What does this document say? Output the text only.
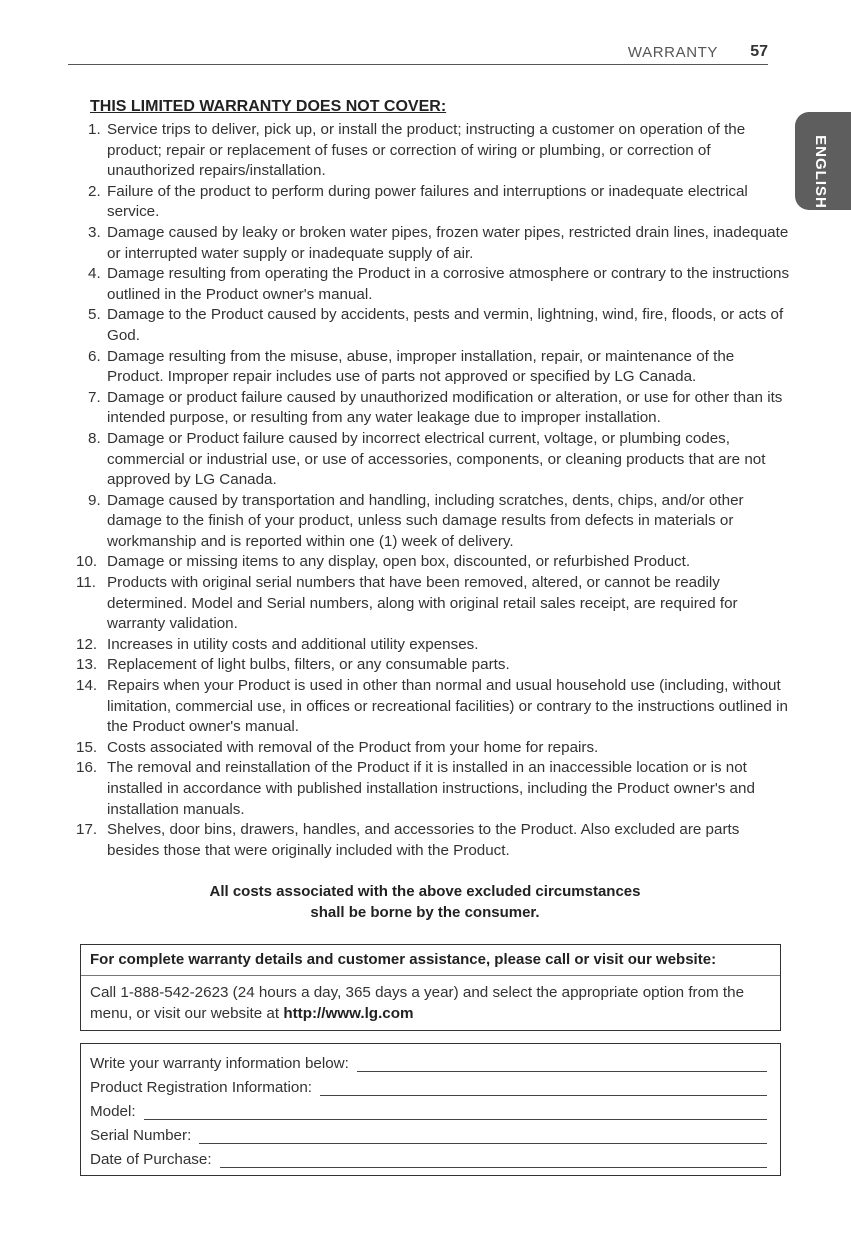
WARRANTY 57
ENGLISH
THIS LIMITED WARRANTY DOES NOT COVER:
1. Service trips to deliver, pick up, or install the product; instructing a customer on operation of the product; repair or replacement of fuses or correction of wiring or plumbing, or correction of unauthorized repairs/installation.
2. Failure of the product to perform during power failures and interruptions or inadequate electrical service.
3. Damage caused by leaky or broken water pipes, frozen water pipes, restricted drain lines, inadequate or interrupted water supply or inadequate supply of air.
4. Damage resulting from operating the Product in a corrosive atmosphere or contrary to the instructions outlined in the Product owner's manual.
5. Damage to the Product caused by accidents, pests and vermin, lightning, wind, fire, floods, or acts of God.
6. Damage resulting from the misuse, abuse, improper installation, repair, or maintenance of the Product. Improper repair includes use of parts not approved or specified by LG Canada.
7. Damage or product failure caused by unauthorized modification or alteration, or use for other than its intended purpose, or resulting from any water leakage due to improper installation.
8. Damage or Product failure caused by incorrect electrical current, voltage, or plumbing codes, commercial or industrial use, or use of accessories, components, or cleaning products that are not approved by LG Canada.
9. Damage caused by transportation and handling, including scratches, dents, chips, and/or other damage to the finish of your product, unless such damage results from defects in materials or workmanship and is reported within one (1) week of delivery.
10. Damage or missing items to any display, open box, discounted, or refurbished Product.
11. Products with original serial numbers that have been removed, altered, or cannot be readily determined. Model and Serial numbers, along with original retail sales receipt, are required for warranty validation.
12. Increases in utility costs and additional utility expenses.
13. Replacement of light bulbs, filters, or any consumable parts.
14. Repairs when your Product is used in other than normal and usual household use (including, without limitation, commercial use, in offices or recreational facilities) or contrary to the instructions outlined in the Product owner's manual.
15. Costs associated with removal of the Product from your home for repairs.
16. The removal and reinstallation of the Product if it is installed in an inaccessible location or is not installed in accordance with published installation instructions, including the Product owner's and installation manuals.
17. Shelves, door bins, drawers, handles, and accessories to the Product. Also excluded are parts besides those that were originally included with the Product.
All costs associated with the above excluded circumstances
shall be borne by the consumer.
For complete warranty details and customer assistance, please call or visit our website:
Call 1-888-542-2623 (24 hours a day, 365 days a year) and select the appropriate option from the menu, or visit our website at http://www.lg.com
Write your warranty information below:
Product Registration Information:
Model:
Serial Number:
Date of Purchase:
